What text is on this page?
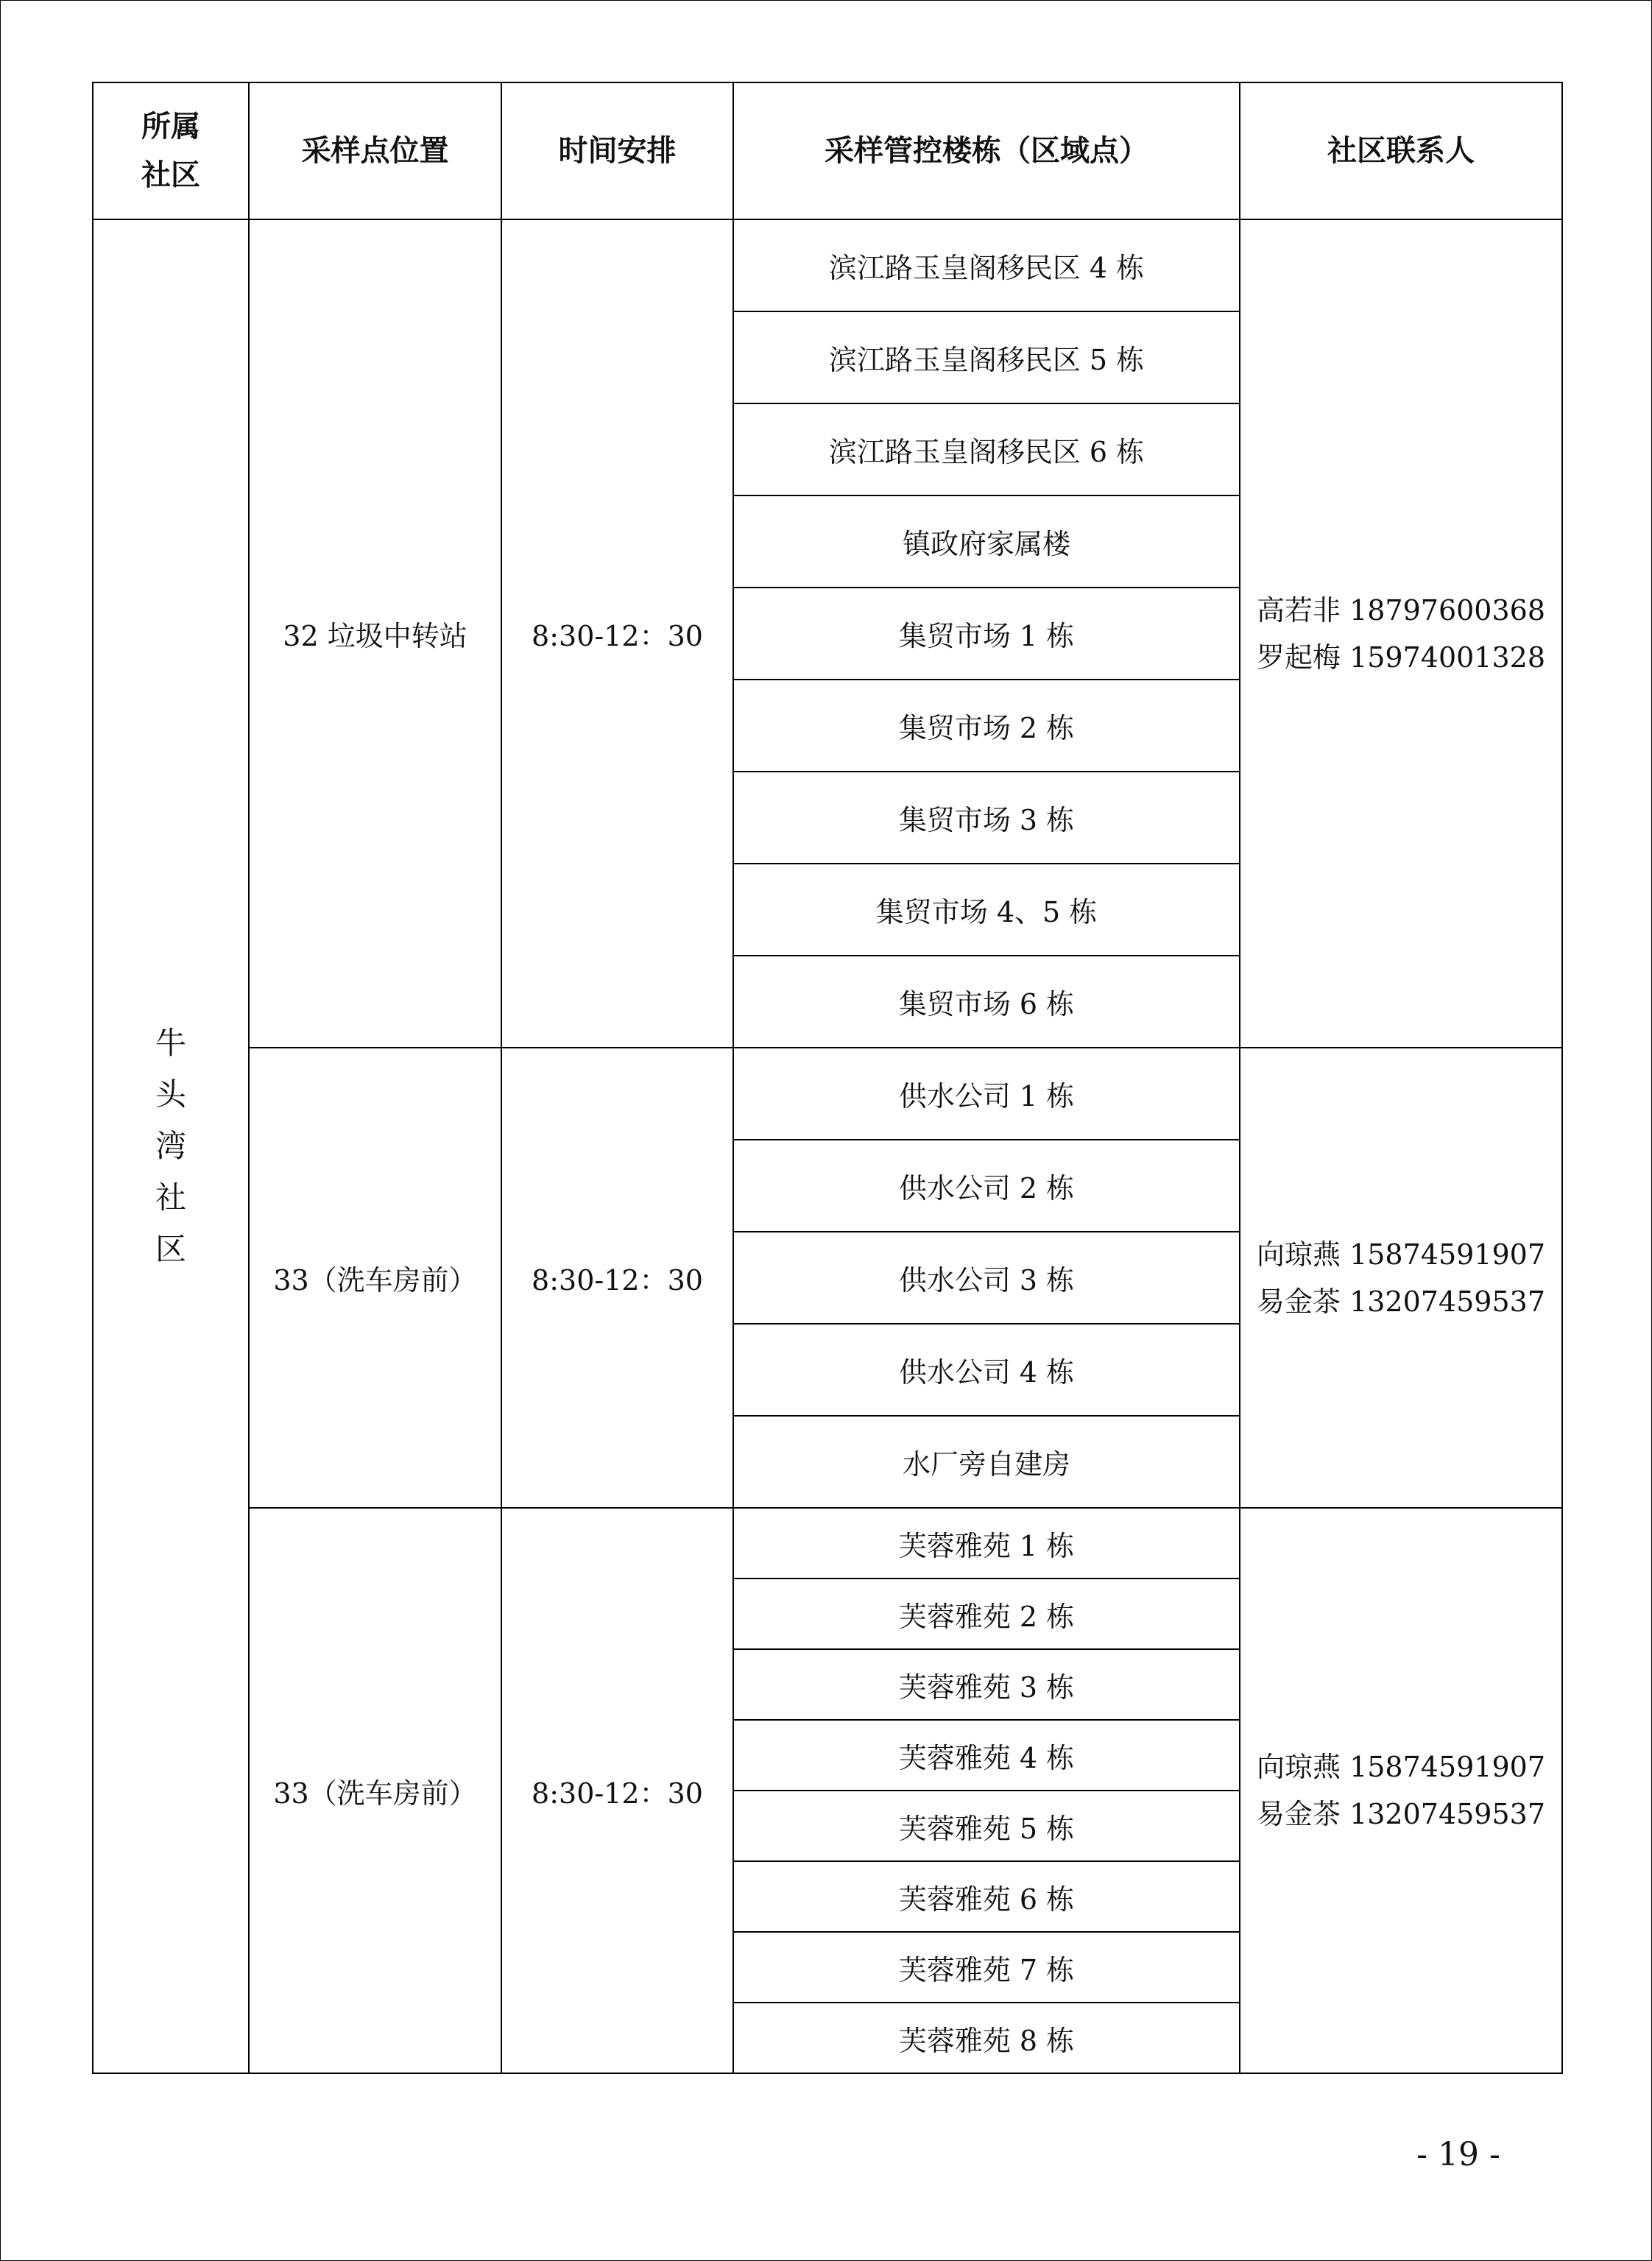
所属
社区	采样点位置	时间安排	采样管控楼栋（区域点）	社区联系人
牛头湾社区	32 垃圾中转站	8:30-12：30	滨江路玉皇阁移民区 4 栋	高若非 18797600368
罗起梅 15974001328

			滨江路玉皇阁移民区 5 栋	
			滨江路玉皇阁移民区 6 栋	
			镇政府家属楼	
			集贸市场 1 栋	
			集贸市场 2 栋	
			集贸市场 3 栋	
			集贸市场 4、5 栋	
			集贸市场 6 栋	
	33（洗车房前）	8:30-12：30	供水公司 1 栋	向琼燕 15874591907
易金茶 13207459537

			供水公司 2 栋	
			供水公司 3 栋	
			供水公司 4 栋	
			水厂旁自建房	
	33（洗车房前）	8:30-12：30	芙蓉雅苑 1 栋	向琼燕 15874591907
易金茶 13207459537

			芙蓉雅苑 2 栋	
			芙蓉雅苑 3 栋	
			芙蓉雅苑 4 栋	
			芙蓉雅苑 5 栋	
			芙蓉雅苑 6 栋	
			芙蓉雅苑 7 栋	
			芙蓉雅苑 8 栋	
- 19 -
